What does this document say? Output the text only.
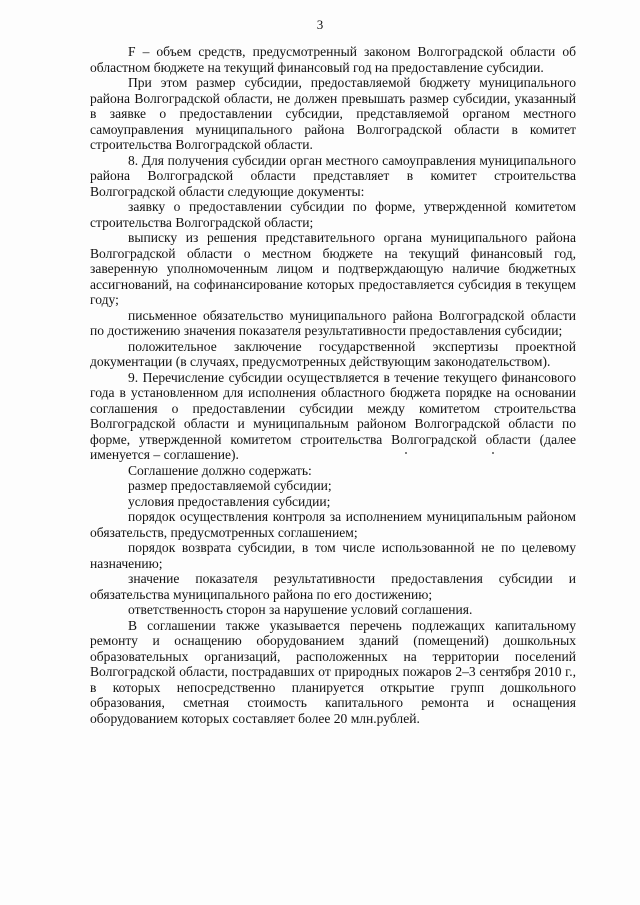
3

F – объем средств, предусмотренный законом Волгоградской области об областном бюджете на текущий финансовый год на предоставление субсидии.

При этом размер субсидии, предоставляемой бюджету муниципального района Волгоградской области, не должен превышать размер субсидии, указанный в заявке о предоставлении субсидии, представляемой органом местного самоуправления муниципального района Волгоградской области в комитет строительства Волгоградской области.

8. Для получения субсидии орган местного самоуправления муниципального района Волгоградской области представляет в комитет строительства Волгоградской области следующие документы:

заявку о предоставлении субсидии по форме, утвержденной комитетом строительства Волгоградской области;

выписку из решения представительного органа муниципального района Волгоградской области о местном бюджете на текущий финансовый год, заверенную уполномоченным лицом и подтверждающую наличие бюджетных ассигнований, на софинансирование которых предоставляется субсидия в текущем году;

письменное обязательство муниципального района Волгоградской области по достижению значения показателя результативности предоставления субсидии;

положительное заключение государственной экспертизы проектной документации (в случаях, предусмотренных действующим законодательством).

9. Перечисление субсидии осуществляется в течение текущего финансового года в установленном для исполнения областного бюджета порядке на основании соглашения о предоставлении субсидии между комитетом строительства Волгоградской области и муниципальным районом Волгоградской области по форме, утвержденной комитетом строительства Волгоградской области (далее именуется – соглашение).

Соглашение должно содержать:

размер предоставляемой субсидии;

условия предоставления субсидии;

порядок осуществления контроля за исполнением муниципальным районом обязательств, предусмотренных соглашением;

порядок возврата субсидии, в том числе использованной не по целевому назначению;

значение показателя результативности предоставления субсидии и обязательства муниципального района по его достижению;

ответственность сторон за нарушение условий соглашения.

В соглашении также указывается перечень подлежащих капитальному ремонту и оснащению оборудованием зданий (помещений) дошкольных образовательных организаций, расположенных на территории поселений Волгоградской области, пострадавших от природных пожаров 2–3 сентября 2010 г., в которых непосредственно планируется открытие групп дошкольного образования, сметная стоимость капитального ремонта и оснащения оборудованием которых составляет более 20 млн.рублей.
